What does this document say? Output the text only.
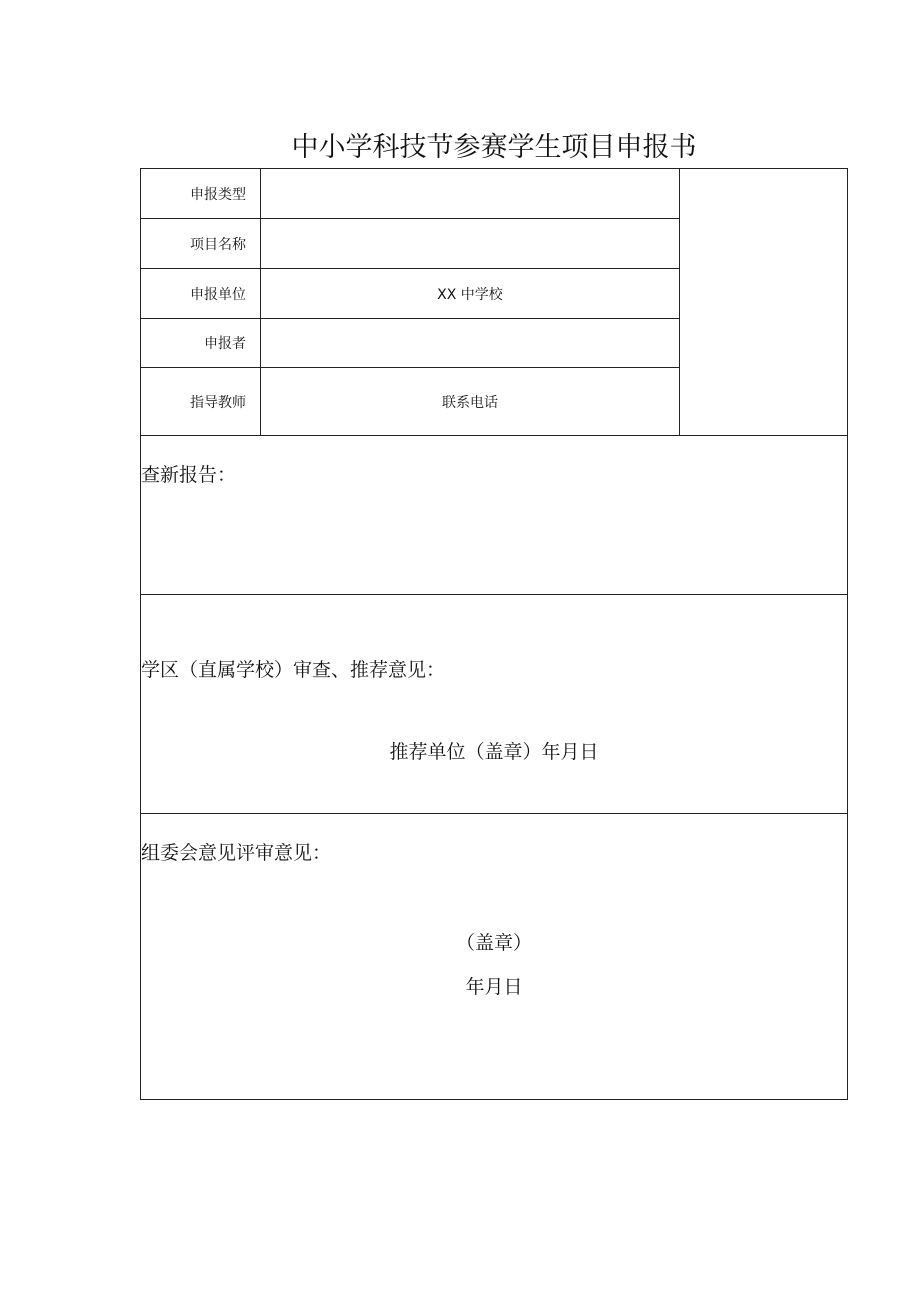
中小学科技节参赛学生项目申报书
申报类型
项目名称
申报单位
申报者
指导教师
XX 中学校
联系电话
查新报告：
学区（直属学校）审查、推荐意见：
推荐单位（盖章）年月日
组委会意见评审意见：
（盖章）
年月日
